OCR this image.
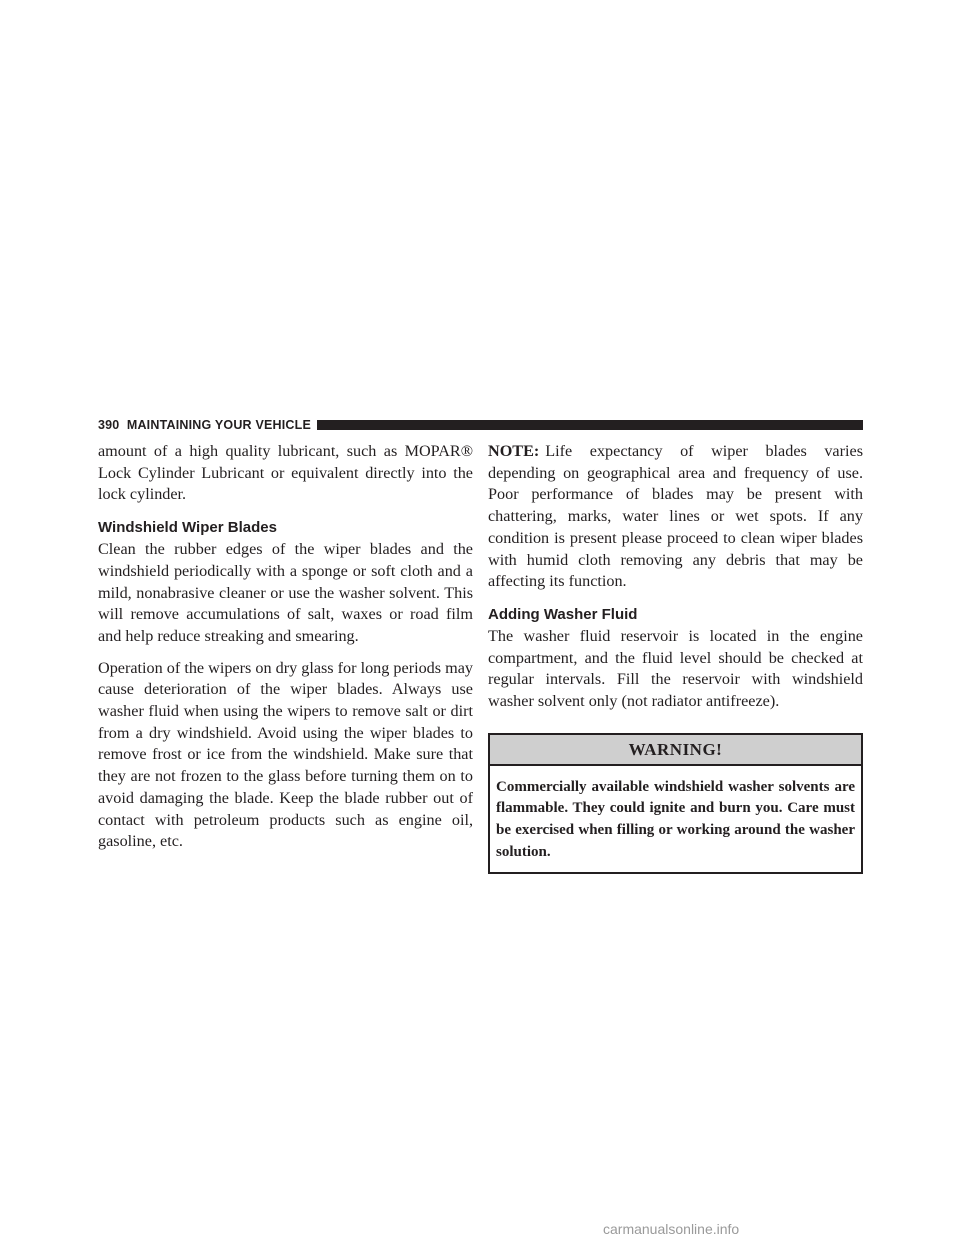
390 MAINTAINING YOUR VEHICLE

amount of a high quality lubricant, such as MOPAR® Lock Cylinder Lubricant or equivalent directly into the lock cylinder.

Windshield Wiper Blades

Clean the rubber edges of the wiper blades and the windshield periodically with a sponge or soft cloth and a mild, nonabrasive cleaner or use the washer solvent. This will remove accumulations of salt, waxes or road film and help reduce streaking and smearing.

Operation of the wipers on dry glass for long periods may cause deterioration of the wiper blades. Always use washer fluid when using the wipers to remove salt or dirt from a dry windshield. Avoid using the wiper blades to remove frost or ice from the windshield. Make sure that they are not frozen to the glass before turning them on to avoid damaging the blade. Keep the blade rubber out of contact with petroleum products such as engine oil, gasoline, etc.

NOTE: Life expectancy of wiper blades varies depending on geographical area and frequency of use. Poor performance of blades may be present with chattering, marks, water lines or wet spots. If any condition is present please proceed to clean wiper blades with humid cloth removing any debris that may be affecting its function.

Adding Washer Fluid

The washer fluid reservoir is located in the engine compartment, and the fluid level should be checked at regular intervals. Fill the reservoir with windshield washer solvent only (not radiator antifreeze).

WARNING!
Commercially available windshield washer solvents are flammable. They could ignite and burn you. Care must be exercised when filling or working around the washer solution.
carmanualsonline.info
